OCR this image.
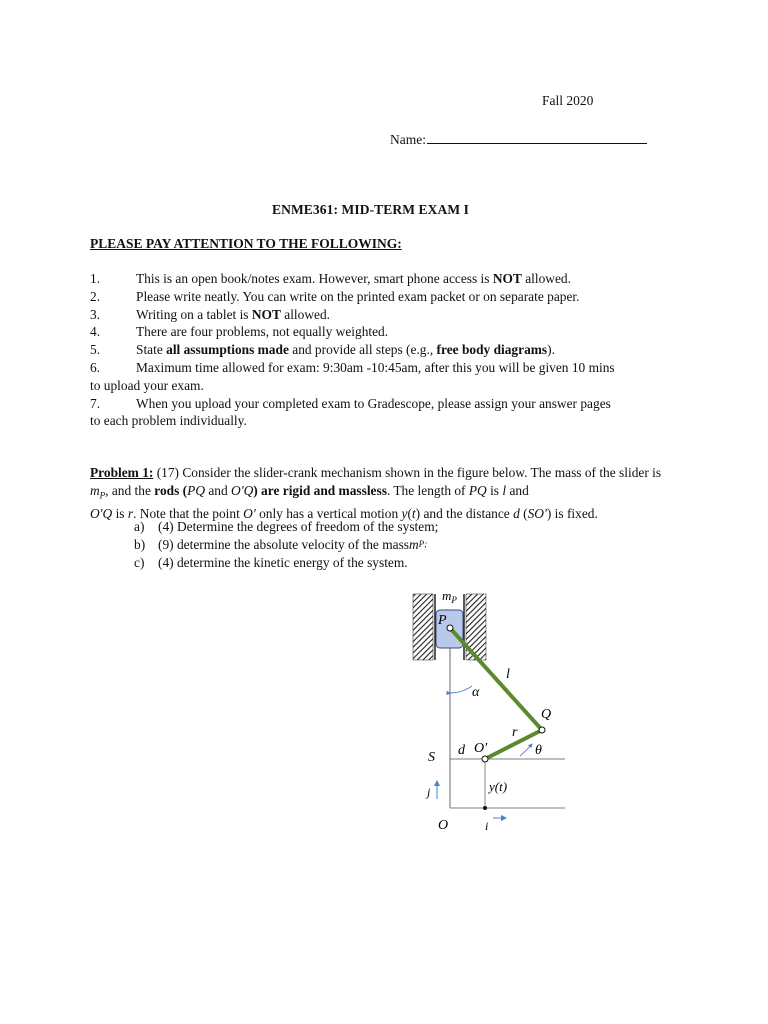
Fall 2020
Name:
ENME361: MID-TERM EXAM I
PLEASE PAY ATTENTION TO THE FOLLOWING:
1.	This is an open book/notes exam. However, smart phone access is NOT allowed.
2.	Please write neatly. You can write on the printed exam packet or on separate paper.
3.	Writing on a tablet is NOT allowed.
4.	There are four problems, not equally weighted.
5.	State all assumptions made and provide all steps (e.g., free body diagrams).
6.	Maximum time allowed for exam: 9:30am -10:45am, after this you will be given 10 mins
to upload your exam.
7.	When you upload your completed exam to Gradescope, please assign your answer pages
to each problem individually.
Problem 1: (17) Consider the slider-crank mechanism shown in the figure below. The mass of the slider is $m_P$, and the rods (PQ and O'Q) are rigid and massless. The length of PQ is l and
O'Q is r. Note that the point O' only has a vertical motion y(t) and the distance d (SO') is fixed.
a)	(4) Determine the degrees of freedom of the system;
b) (9) determine the absolute velocity of the mass m P;
c)	(4) determine the kinetic energy of the system.
$m_P$
P
l
α
Q
r
θ
S d O'
j	y(t)
O	i
